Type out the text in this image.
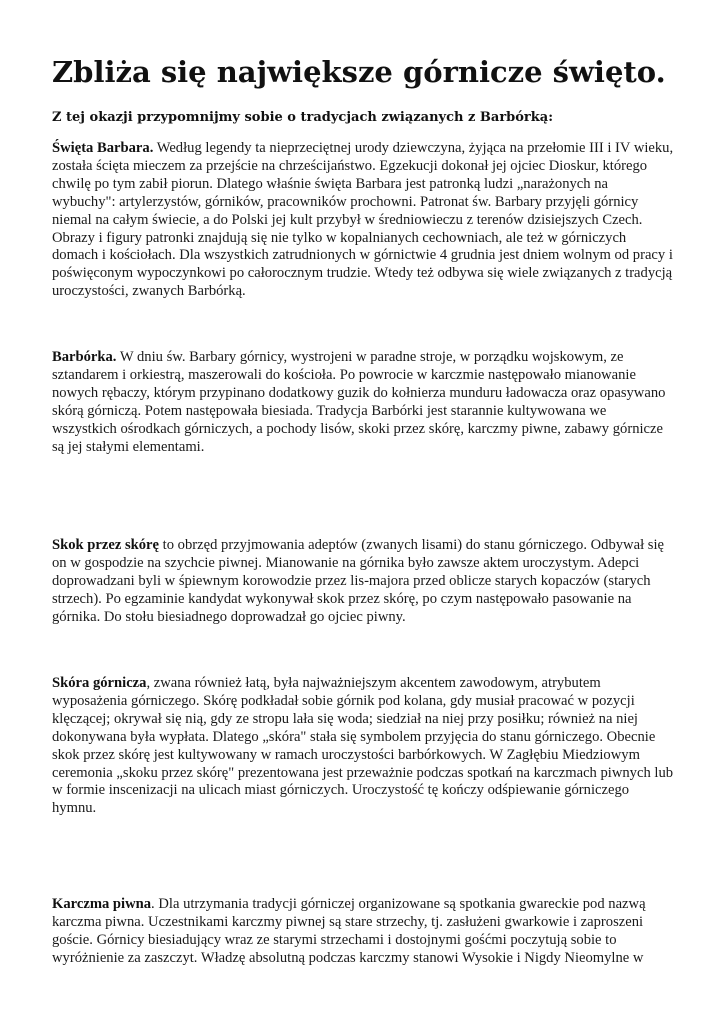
Zbliża się największe górnicze święto.

Z tej okazji przypomnijmy sobie o tradycjach związanych z Barbórką:

Święta Barbara. Według legendy ta nieprzeciętnej urody dziewczyna, żyjąca na przełomie III i IV wieku, została ścięta mieczem za przejście na chrześcijaństwo. Egzekucji dokonał jej ojciec Dioskur, którego chwilę po tym zabił piorun. Dlatego właśnie święta Barbara jest patronką ludzi „narażonych na wybuchy": artylerzystów, górników, pracowników prochowni. Patronat św. Barbary przyjęli górnicy niemal na całym świecie, a do Polski jej kult przybył w średniowieczu z terenów dzisiejszych Czech. Obrazy i figury patronki znajdują się nie tylko w kopalnianych cechowniach, ale też w górniczych domach i kościołach. Dla wszystkich zatrudnionych w górnictwie 4 grudnia jest dniem wolnym od pracy i poświęconym wypoczynkowi po całorocznym trudzie. Wtedy też odbywa się wiele związanych z tradycją uroczystości, zwanych Barbórką.

Barbórka. W dniu św. Barbary górnicy, wystrojeni w paradne stroje, w porządku wojskowym, ze sztandarem i orkiestrą, maszerowali do kościoła. Po powrocie w karczmie następowało mianowanie nowych rębaczy, którym przypinano dodatkowy guzik do kołnierza munduru ładowacza oraz opasywano skórą górniczą. Potem następowała biesiada. Tradycja Barbórki jest starannie kultywowana we wszystkich ośrodkach górniczych, a pochody lisów, skoki przez skórę, karczmy piwne, zabawy górnicze są jej stałymi elementami.

Skok przez skórę to obrzęd przyjmowania adeptów (zwanych lisami) do stanu górniczego. Odbywał się on w gospodzie na szychcie piwnej. Mianowanie na górnika było zawsze aktem uroczystym. Adepci doprowadzani byli w śpiewnym korowodzie przez lis-majora przed oblicze starych kopaczów (starych strzech). Po egzaminie kandydat wykonywał skok przez skórę, po czym następowało pasowanie na górnika. Do stołu biesiadnego doprowadzał go ojciec piwny.

Skóra górnicza, zwana również łatą, była najważniejszym akcentem zawodowym, atrybutem wyposażenia górniczego. Skórę podkładał sobie górnik pod kolana, gdy musiał pracować w pozycji klęczącej; okrywał się nią, gdy ze stropu lała się woda; siedział na niej przy posiłku; również na niej dokonywana była wypłata. Dlatego „skóra" stała się symbolem przyjęcia do stanu górniczego. Obecnie skok przez skórę jest kultywowany w ramach uroczystości barbórkowych. W Zagłębiu Miedziowym ceremonia „skoku przez skórę" prezentowana jest przeważnie podczas spotkań na karczmach piwnych lub w formie inscenizacji na ulicach miast górniczych. Uroczystość tę kończy odśpiewanie górniczego hymnu.

Karczma piwna. Dla utrzymania tradycji górniczej organizowane są spotkania gwareckie pod nazwą karczma piwna. Uczestnikami karczmy piwnej są stare strzechy, tj. zasłużeni gwarkowie i zaproszeni goście. Górnicy biesiadujący wraz ze starymi strzechami i dostojnymi gośćmi poczytują sobie to wyróżnienie za zaszczyt. Władzę absolutną podczas karczmy stanowi Wysokie i Nigdy Nieomylne w
